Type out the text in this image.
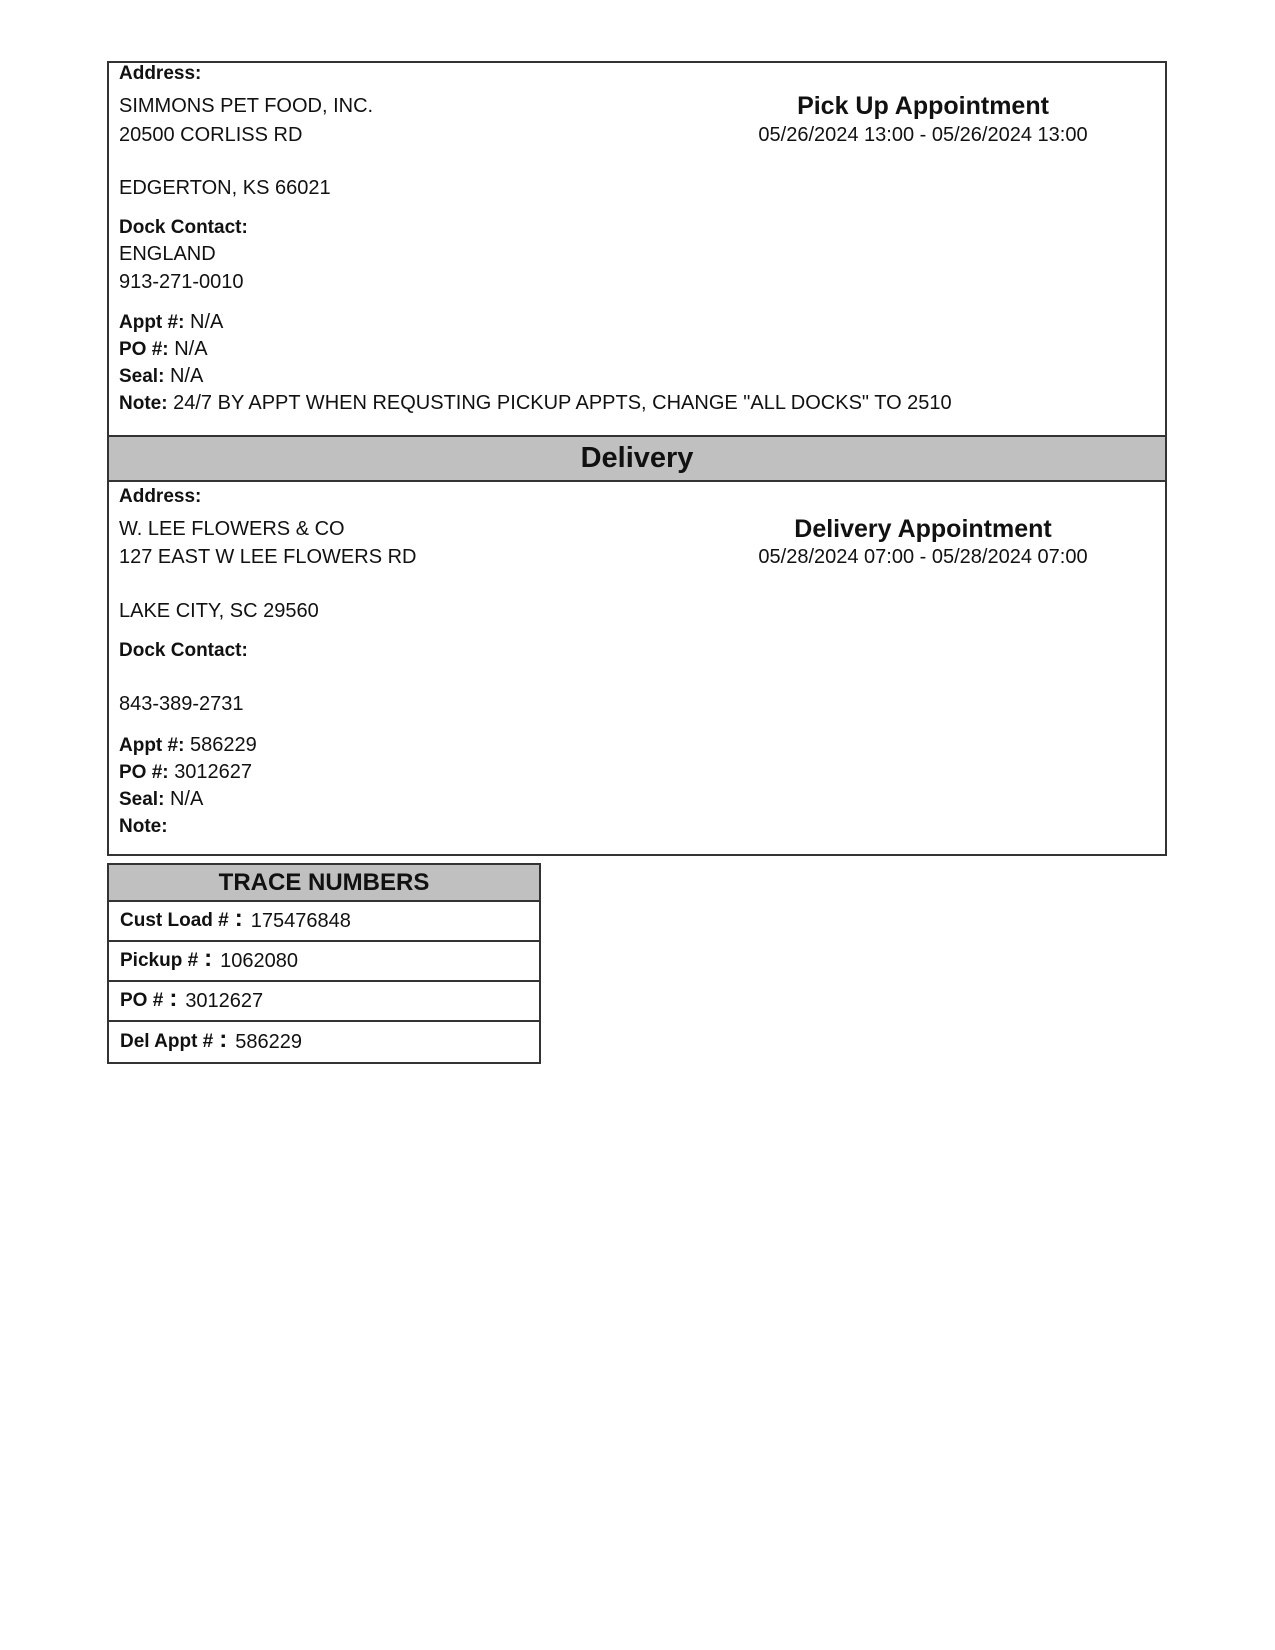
Address:
SIMMONS PET FOOD, INC.
20500 CORLISS RD
EDGERTON, KS 66021
Pick Up Appointment
05/26/2024 13:00 - 05/26/2024 13:00
Dock Contact:
ENGLAND
913-271-0010
Appt #: N/A
PO #: N/A
Seal: N/A
Note: 24/7 BY APPT WHEN REQUSTING PICKUP APPTS, CHANGE "ALL DOCKS" TO 2510
Delivery
Address:
W. LEE FLOWERS & CO
127 EAST W LEE FLOWERS RD
LAKE CITY, SC 29560
Delivery Appointment
05/28/2024 07:00 - 05/28/2024 07:00
Dock Contact:
843-389-2731
Appt #: 586229
PO #: 3012627
Seal: N/A
Note:
TRACE NUMBERS
Cust Load # : 175476848
Pickup # : 1062080
PO # : 3012627
Del Appt # : 586229
